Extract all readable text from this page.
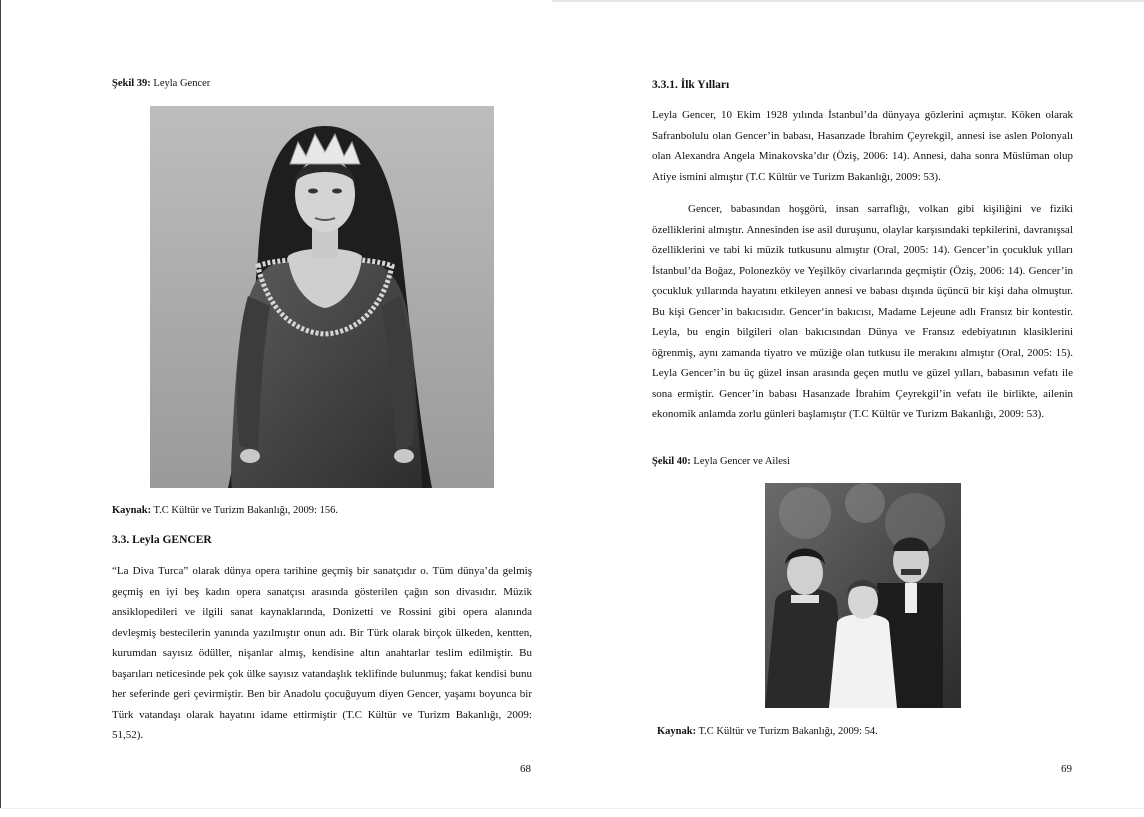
Şekil 39: Leyla Gencer
Kaynak: T.C Kültür ve Turizm Bakanlığı, 2009: 156.
3.3. Leyla GENCER

“La Diva Turca” olarak dünya opera tarihine geçmiş bir sanatçıdır o. Tüm dünya’da gelmiş geçmiş en iyi beş kadın opera sanatçısı arasında gösterilen çağın son divasıdır. Müzik ansiklopedileri ve ilgili sanat kaynaklarında, Donizetti ve Rossini gibi opera alanında devleşmiş bestecilerin yanında yazılmıştır onun adı. Bir Türk olarak birçok ülkeden, kentten, kurumdan sayısız ödüller, nişanlar almış, kendisine altın anahtarlar teslim edilmiştir. Bu başarıları neticesinde pek çok ülke sayısız vatandaşlık teklifinde bulunmuş; fakat kendisi bunu her seferinde geri çevirmiştir. Ben bir Anadolu çocuğuyum diyen Gencer, yaşamı boyunca bir Türk vatandaşı olarak hayatını idame ettirmiştir (T.C Kültür ve Turizm Bakanlığı, 2009: 51,52).

68
3.3.1. İlk Yılları

Leyla Gencer, 10 Ekim 1928 yılında İstanbul’da dünyaya gözlerini açmıştır. Köken olarak Safranbolulu olan Gencer’in babası, Hasanzade İbrahim Çeyrekgil, annesi ise aslen Polonyalı olan Alexandra Angela Minakovska’dır (Öziş, 2006: 14). Annesi, daha sonra Müslüman olup Atiye ismini almıştır (T.C Kültür ve Turizm Bakanlığı, 2009: 53).

Gencer, babasından hoşgörü, insan sarraflığı, volkan gibi kişiliğini ve fiziki özelliklerini almıştır. Annesinden ise asil duruşunu, olaylar karşısındaki tepkilerini, davranışsal özelliklerini ve tabi ki müzik tutkusunu almıştır (Oral, 2005: 14). Gencer’in çocukluk yılları İstanbul’da Boğaz, Polonezköy ve Yeşilköy civarlarında geçmiştir (Öziş, 2006: 14). Gencer’in çocukluk yıllarında hayatını etkileyen annesi ve babası dışında üçüncü bir kişi daha olmuştur. Bu kişi Gencer’in bakıcısıdır. Gencer‘in bakıcısı, Madame Lejeune adlı Fransız bir kontestir. Leyla, bu engin bilgileri olan bakıcısından Dünya ve Fransız edebiyatının klasiklerini öğrenmiş, aynı zamanda tiyatro ve müziğe olan tutkusu ile merakını almıştır (Oral, 2005: 15). Leyla Gencer’in bu üç güzel insan arasında geçen mutlu ve güzel yılları, babasının vefatı ile sona ermiştir. Gencer’in babası Hasanzade İbrahim Çeyrekgil’in vefatı ile birlikte, ailenin ekonomik anlamda zorlu günleri başlamıştır (T.C Kültür ve Turizm Bakanlığı, 2009: 53).

Şekil 40: Leyla Gencer ve Ailesi
Kaynak: T.C Kültür ve Turizm Bakanlığı, 2009: 54.
69
